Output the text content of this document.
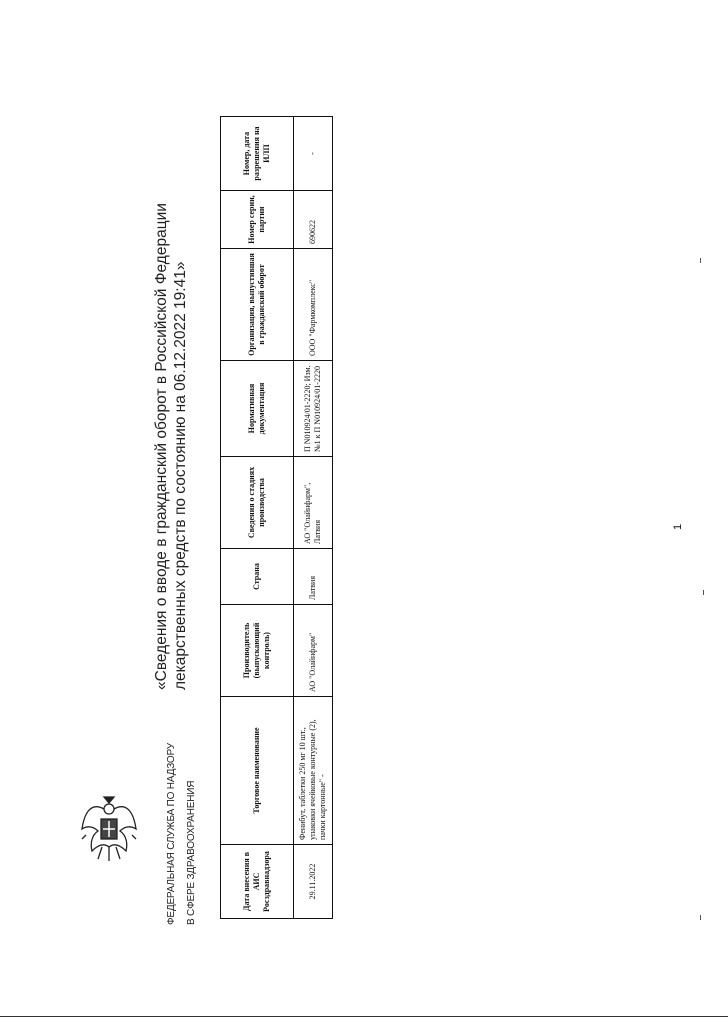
ФЕДЕРАЛЬНАЯ СЛУЖБА ПО НАДЗОРУ В СФЕРЕ ЗДРАВООХРАНЕНИЯ
«Сведения о вводе в гражданский оборот в Российской Федерации лекарственных средств по состоянию на 06.12.2022 19:41»
Дата внесения в АИС Росздравнадзора	Торговое наименование	Производитель (выпускающий контроль)	Страна	Сведения о стадиях производства	Нормативная документация	Организация, выпустившая в гражданский оборот	Номер серии, партии	Номер, дата разрешения на ИЛП
29.11.2022	Фенибут, таблетки 250 мг 10 шт., упаковки ячейковые контурные (2), пачки картонные" -	АО "Олайнфарм"	Латвия	АО "Олайнфарм", Латвия	П N010924/01-2220; Изм. №1 к П N010924/01-2220	ООО "Фармкомплекс"	690622	-
1
